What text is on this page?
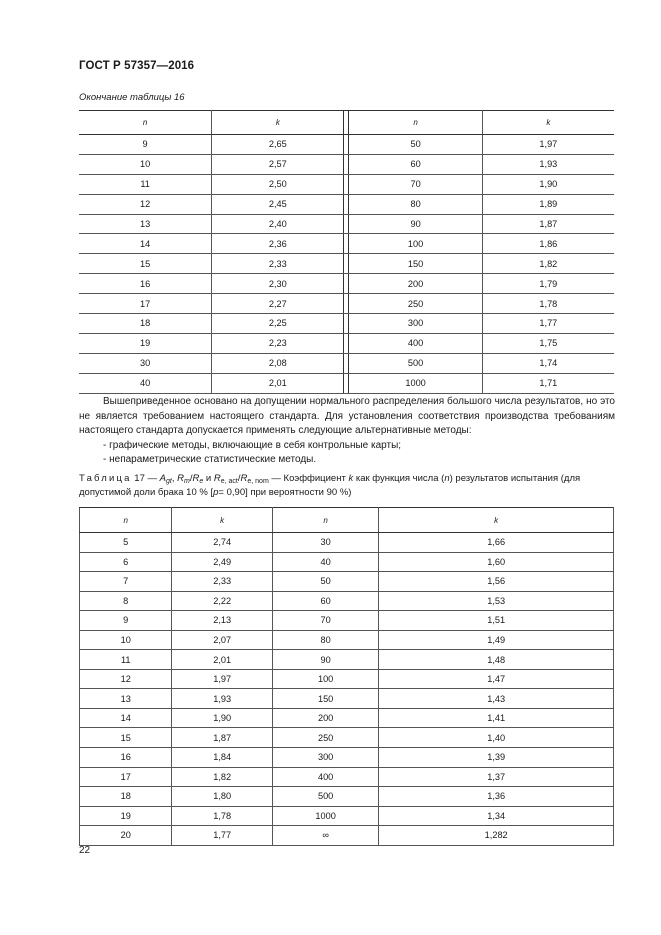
ГОСТ Р 57357—2016
Окончание таблицы 16
n	k		n	k
9	2,65		50	1,97
10	2,57		60	1,93
11	2,50		70	1,90
12	2,45		80	1,89
13	2,40		90	1,87
14	2,36		100	1,86
15	2,33		150	1,82
16	2,30		200	1,79
17	2,27		250	1,78
18	2,25		300	1,77
19	2,23		400	1,75
30	2,08		500	1,74
40	2,01		1000	1,71

Вышеприведенное основано на допущении нормального распределения большого числа результатов, но это не является требованием настоящего стандарта. Для установления соответствия производства требованиям настоящего стандарта допускается применять следующие альтернативные методы:

- графические методы, включающие в себя контрольные карты;

- непараметрические статистические методы.

Таблица 17 — $A_{gt}$, $R_m/R_e$ и $R_{e, act}/R_{e, nom}$ — Коэффициент k как функция числа (n) результатов испытания (для допустимой доли брака 10 % [p= 0,90] при вероятности 90 %)
n	k	n	k
5	2,74	30	1,66
6	2,49	40	1,60
7	2,33	50	1,56
8	2,22	60	1,53
9	2,13	70	1,51
10	2,07	80	1,49
11	2,01	90	1,48
12	1,97	100	1,47
13	1,93	150	1,43
14	1,90	200	1,41
15	1,87	250	1,40
16	1,84	300	1,39
17	1,82	400	1,37
18	1,80	500	1,36
19	1,78	1000	1,34
20	1,77	∞	1,282
22
